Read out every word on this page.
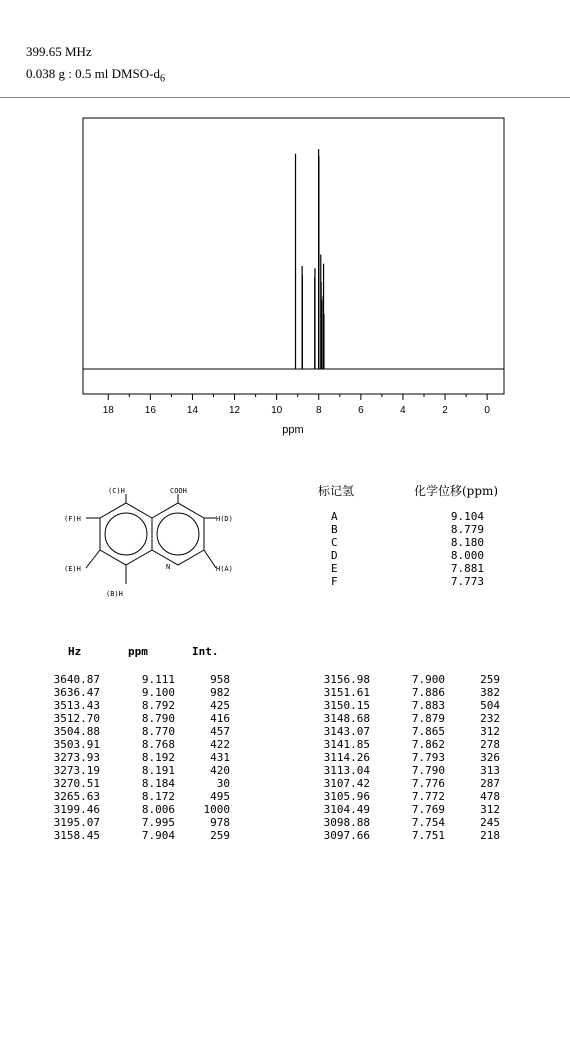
399.65 MHz
0.038 g : 0.5 ml DMSO-$d_6$
18	16	14	12	10	8	6	4	2	0
ppm
(C)H	COOH
(F)H	H(D)
(E)H	N	H(A)
(B)H
标记氢	化学位移(ppm)
A	9.104
B	8.779
C	8.180
D	8.000
E	7.881
F	7.773
Hz	ppm	Int.
3640.87	9.111	958
3636.47	9.100	982
3513.43	8.792	425
3512.70	8.790	416
3504.88	8.770	457
3503.91	8.768	422
3273.93	8.192	431
3273.19	8.191	420
3270.51	8.184	30
3265.63	8.172	495
3199.46	8.006	1000
3195.07	7.995	978
3158.45	7.904	259
3156.98	7.900	259
3151.61	7.886	382
3150.15	7.883	504
3148.68	7.879	232
3143.07	7.865	312
3141.85	7.862	278
3114.26	7.793	326
3113.04	7.790	313
3107.42	7.776	287
3105.96	7.772	478
3104.49	7.769	312
3098.88	7.754	245
3097.66	7.751	218
